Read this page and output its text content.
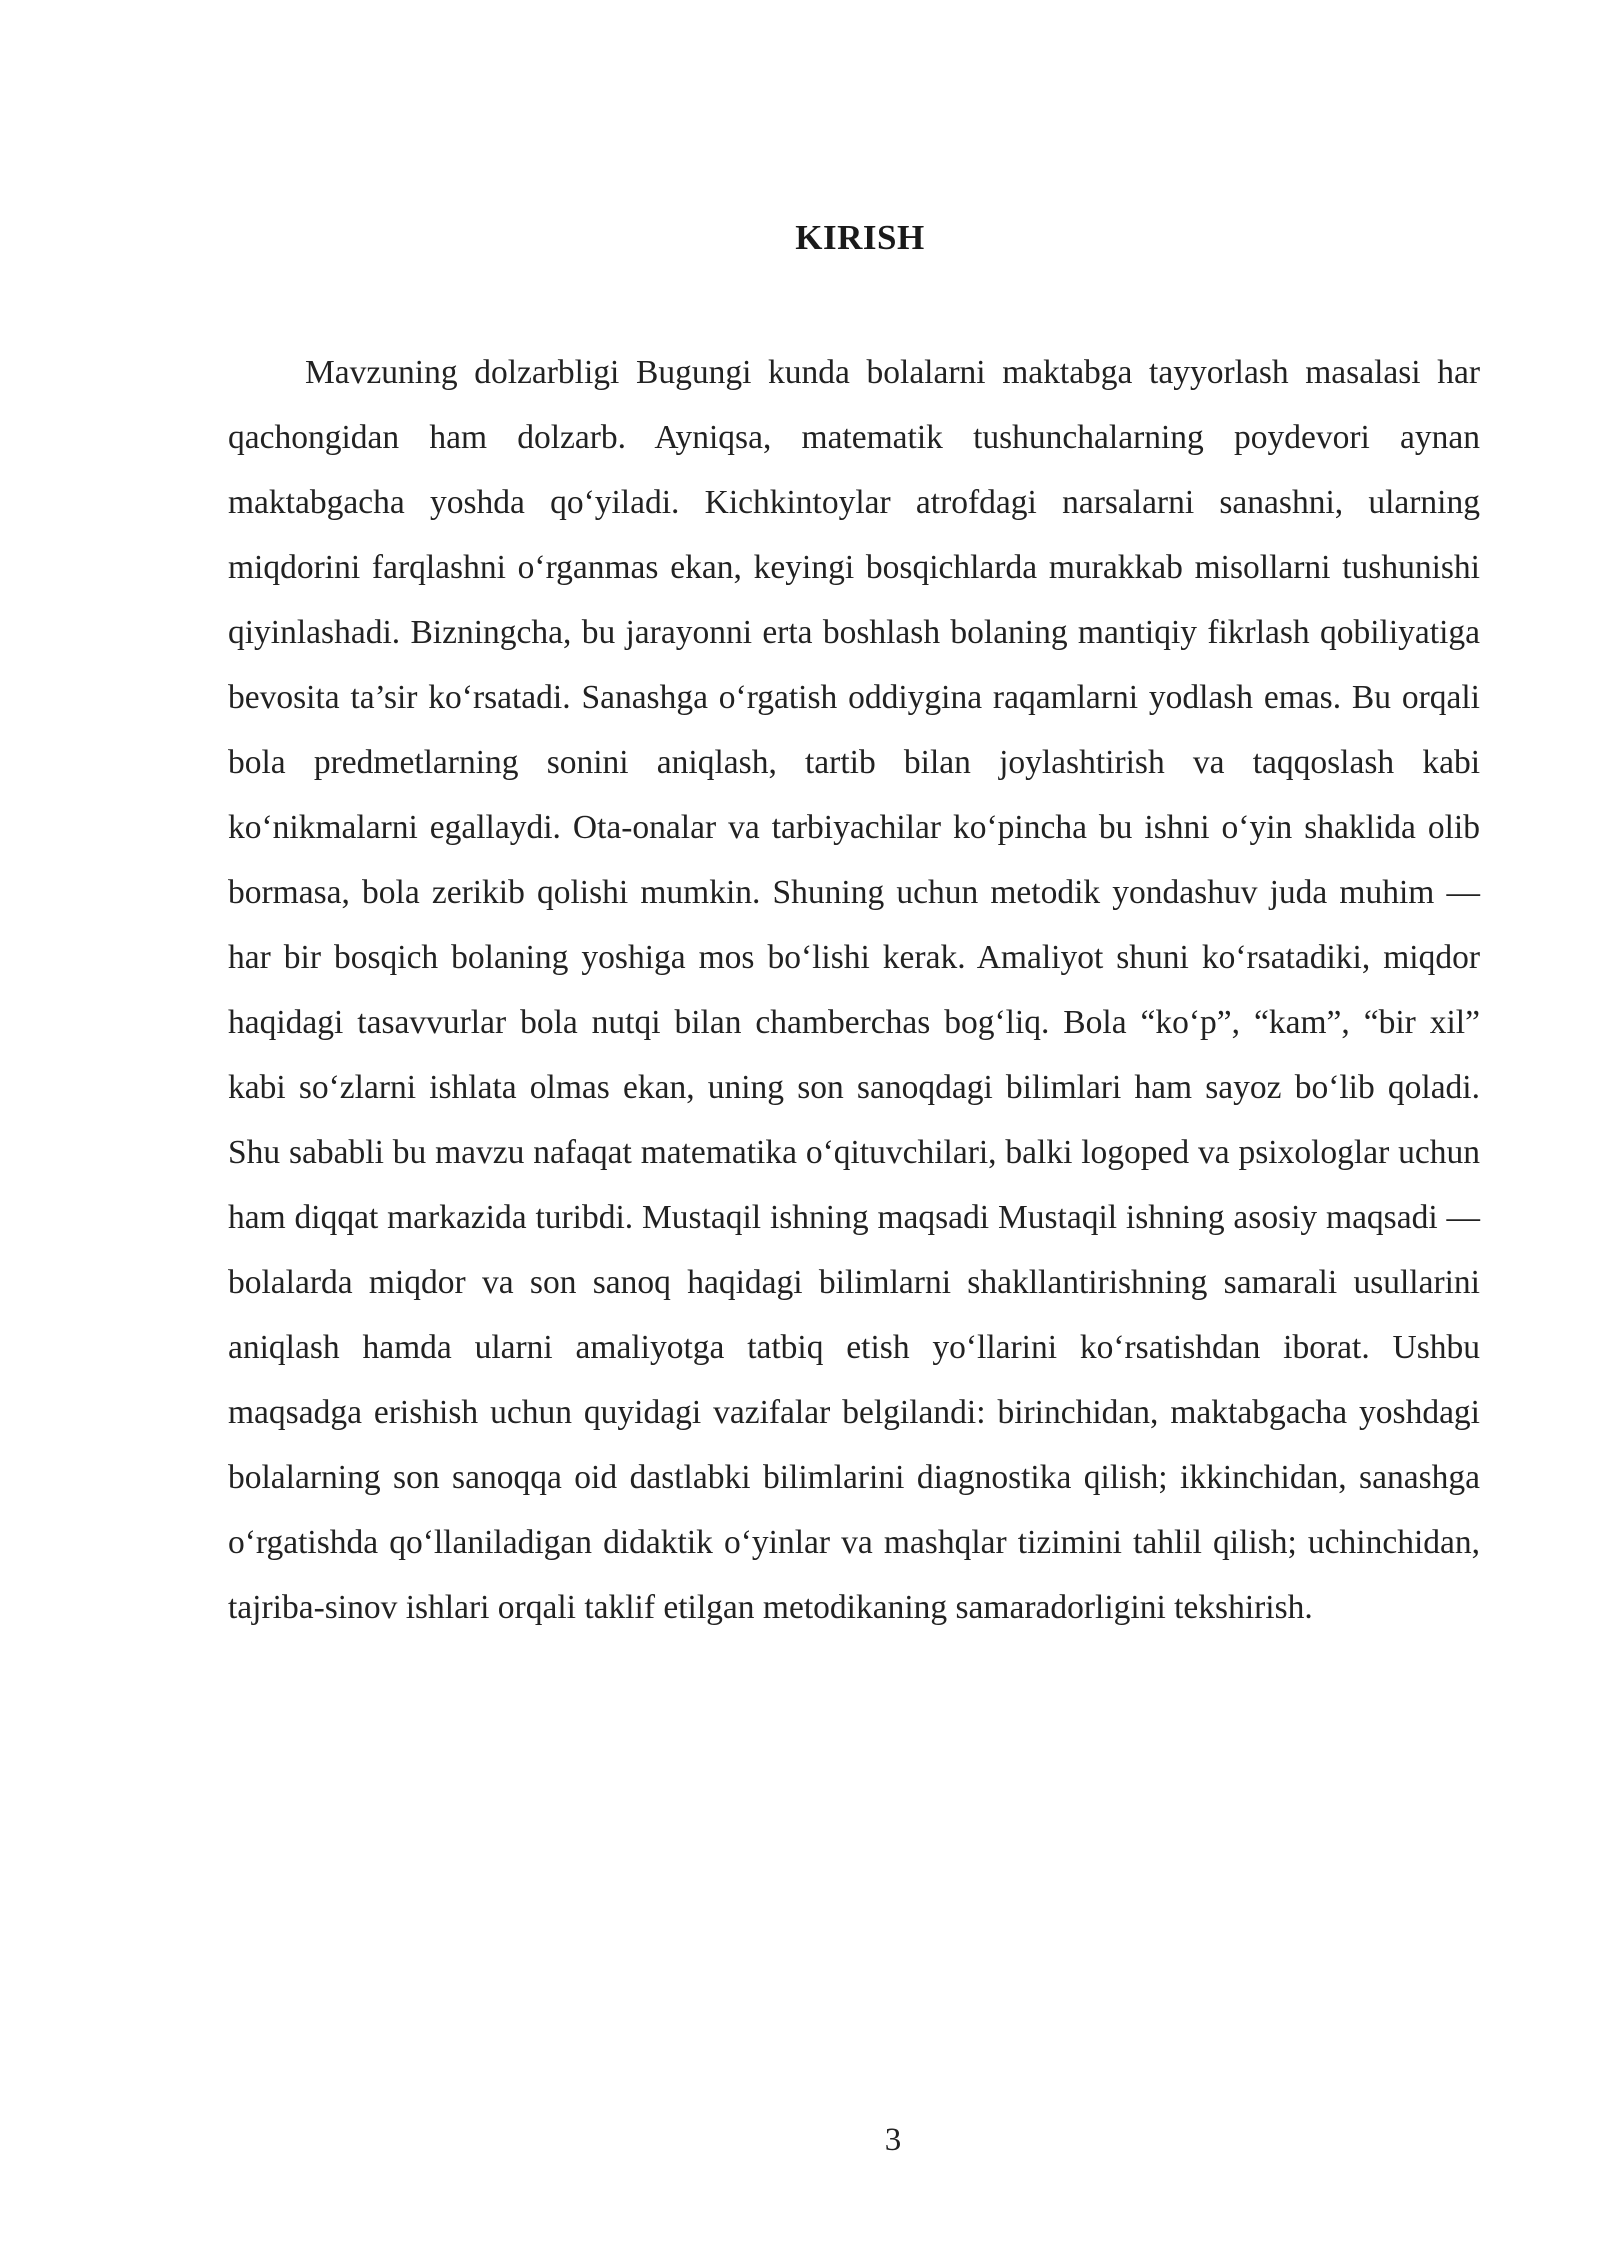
KIRISH

Mavzuning dolzarbligi Bugungi kunda bolalarni maktabga tayyorlash masalasi har qachongidan ham dolzarb. Ayniqsa, matematik tushunchalarning poydevori aynan maktabgacha yoshda qo‘yiladi. Kichkintoylar atrofdagi narsalarni sanashni, ularning miqdorini farqlashni o‘rganmas ekan, keyingi bosqichlarda murakkab misollarni tushunishi qiyinlashadi. Bizningcha, bu jarayonni erta boshlash bolaning mantiqiy fikrlash qobiliyatiga bevosita ta’sir ko‘rsatadi. Sanashga o‘rgatish oddiygina raqamlarni yodlash emas. Bu orqali bola predmetlarning sonini aniqlash, tartib bilan joylashtirish va taqqoslash kabi ko‘nikmalarni egallaydi. Ota-onalar va tarbiyachilar ko‘pincha bu ishni o‘yin shaklida olib bormasa, bola zerikib qolishi mumkin. Shuning uchun metodik yondashuv juda muhim — har bir bosqich bolaning yoshiga mos bo‘lishi kerak. Amaliyot shuni ko‘rsatadiki, miqdor haqidagi tasavvurlar bola nutqi bilan chamberchas bog‘liq. Bola “ko‘p”, “kam”, “bir xil” kabi so‘zlarni ishlata olmas ekan, uning son sanoqdagi bilimlari ham sayoz bo‘lib qoladi. Shu sababli bu mavzu nafaqat matematika o‘qituvchilari, balki logoped va psixologlar uchun ham diqqat markazida turibdi. Mustaqil ishning maqsadi Mustaqil ishning asosiy maqsadi — bolalarda miqdor va son sanoq haqidagi bilimlarni shakllantirishning samarali usullarini aniqlash hamda ularni amaliyotga tatbiq etish yo‘llarini ko‘rsatishdan iborat. Ushbu maqsadga erishish uchun quyidagi vazifalar belgilandi: birinchidan, maktabgacha yoshdagi bolalarning son sanoqqa oid dastlabki bilimlarini diagnostika qilish; ikkinchidan, sanashga o‘rgatishda qo‘llaniladigan didaktik o‘yinlar va mashqlar tizimini tahlil qilish; uchinchidan, tajriba-sinov ishlari orqali taklif etilgan metodikaning samaradorligini tekshirish.

3
